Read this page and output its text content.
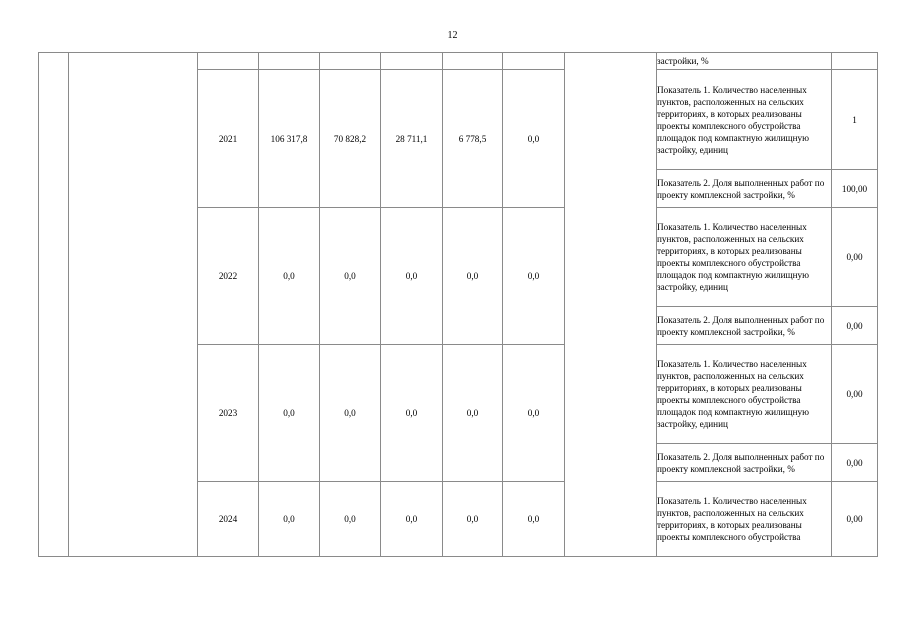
12
									застройки, %	
		2021	106 317,8	70 828,2	28 711,1	6 778,5	0,0		Показатель 1. Количество населенных пунктов, расположенных на сельских территориях, в которых реализованы проекты комплексного обустройства площадок под компактную жилищную застройку, единиц	1
									Показатель 2. Доля выполненных работ по проекту комплексной застройки, %	100,00
		2022	0,0	0,0	0,0	0,0	0,0		Показатель 1. Количество населенных пунктов, расположенных на сельских территориях, в которых реализованы проекты комплексного обустройства площадок под компактную жилищную застройку, единиц	0,00
									Показатель 2. Доля выполненных работ по проекту комплексной застройки, %	0,00
		2023	0,0	0,0	0,0	0,0	0,0		Показатель 1. Количество населенных пунктов, расположенных на сельских территориях, в которых реализованы проекты комплексного обустройства площадок под компактную жилищную застройку, единиц	0,00
									Показатель 2. Доля выполненных работ по проекту комплексной застройки, %	0,00
		2024	0,0	0,0	0,0	0,0	0,0		Показатель 1. Количество населенных пунктов, расположенных на сельских территориях, в которых реализованы проекты комплексного обустройства	0,00
